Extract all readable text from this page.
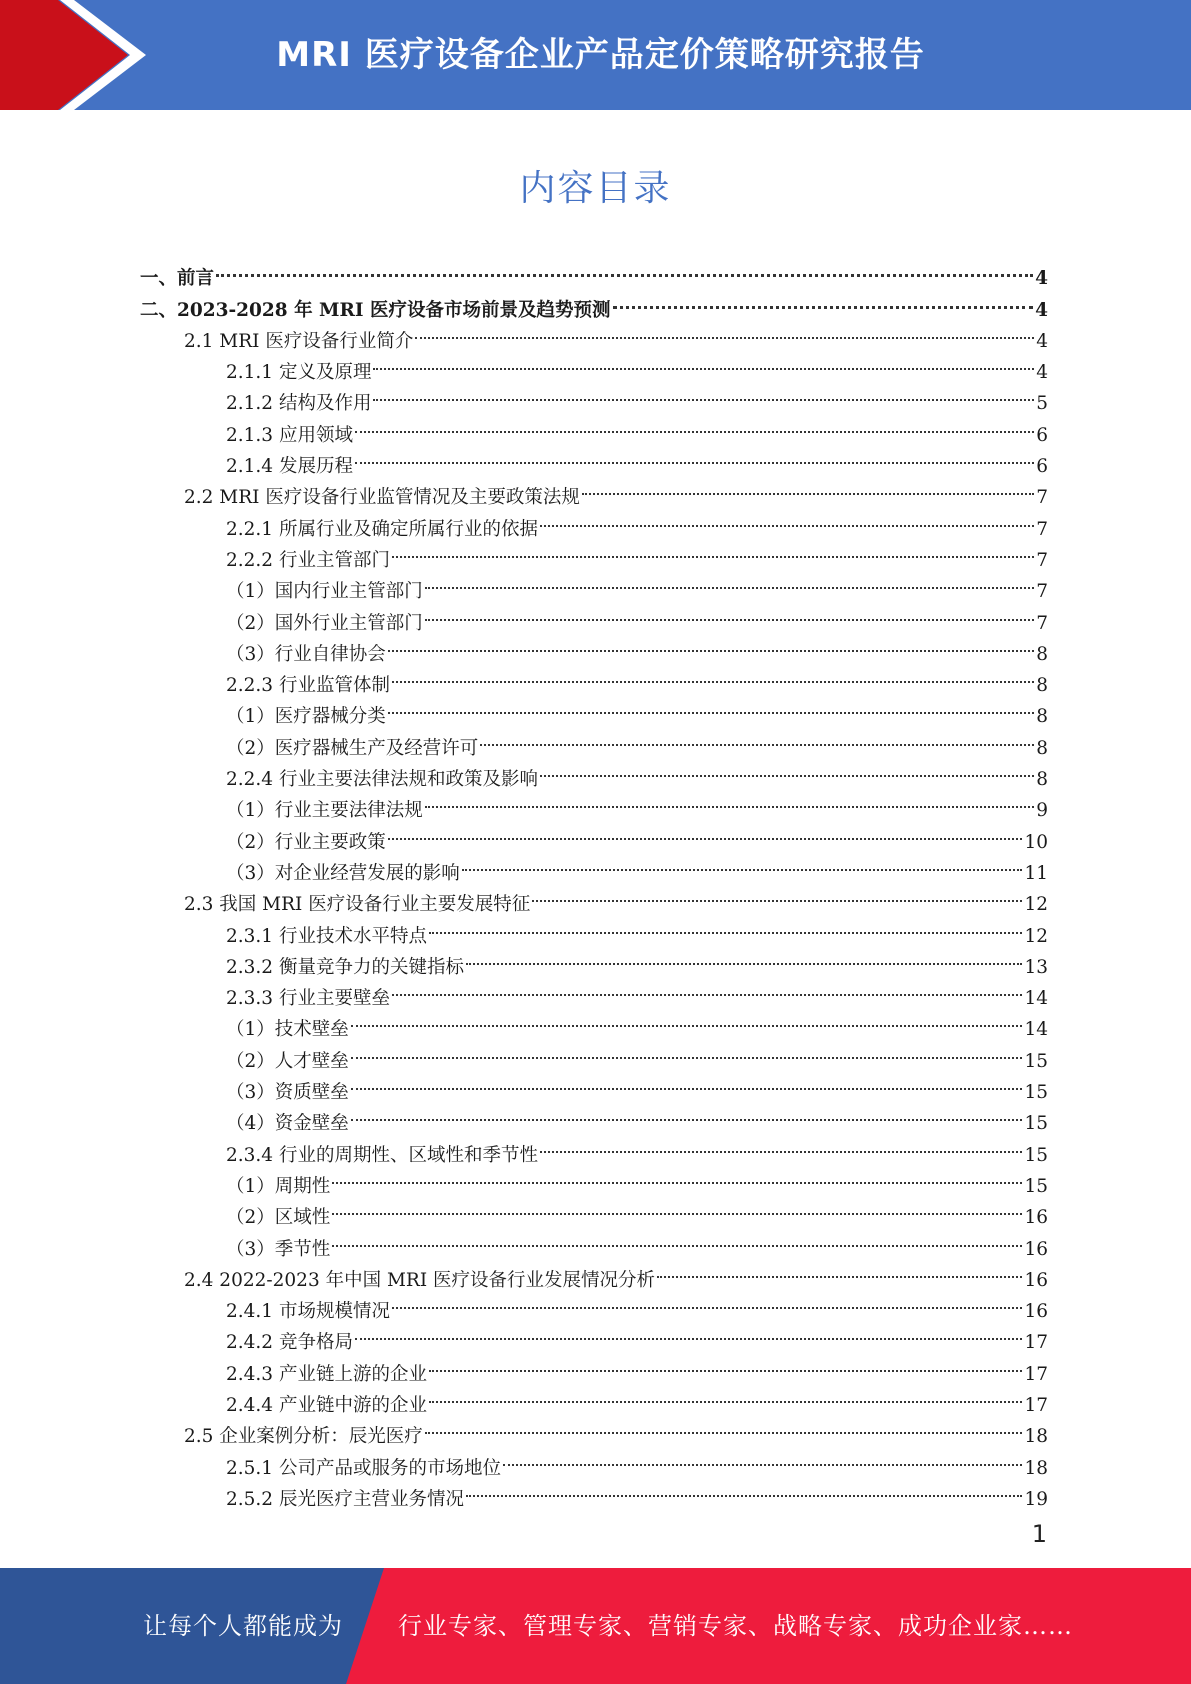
MRI 医疗设备企业产品定价策略研究报告
内容目录
一、前言	4
二、2023-2028 年 MRI 医疗设备市场前景及趋势预测	4
2.1 MRI 医疗设备行业简介	4
2.1.1 定义及原理	4
2.1.2 结构及作用	5
2.1.3 应用领域	6
2.1.4 发展历程	6
2.2 MRI 医疗设备行业监管情况及主要政策法规	7
2.2.1 所属行业及确定所属行业的依据	7
2.2.2 行业主管部门	7
（1）国内行业主管部门	7
（2）国外行业主管部门	7
（3）行业自律协会	8
2.2.3 行业监管体制	8
（1）医疗器械分类	8
（2）医疗器械生产及经营许可	8
2.2.4 行业主要法律法规和政策及影响	8
（1）行业主要法律法规	9
（2）行业主要政策	10
（3）对企业经营发展的影响	11
2.3 我国 MRI 医疗设备行业主要发展特征	12
2.3.1 行业技术水平特点	12
2.3.2 衡量竞争力的关键指标	13
2.3.3 行业主要壁垒	14
（1）技术壁垒	14
（2）人才壁垒	15
（3）资质壁垒	15
（4）资金壁垒	15
2.3.4 行业的周期性、区域性和季节性	15
（1）周期性	15
（2）区域性	16
（3）季节性	16
2.4 2022-2023 年中国 MRI 医疗设备行业发展情况分析	16
2.4.1 市场规模情况	16
2.4.2 竞争格局	17
2.4.3 产业链上游的企业	17
2.4.4 产业链中游的企业	17
2.5 企业案例分析：辰光医疗	18
2.5.1 公司产品或服务的市场地位	18
2.5.2 辰光医疗主营业务情况	19
1
让每个人都能成为 行业专家、管理专家、营销专家、战略专家、成功企业家……
